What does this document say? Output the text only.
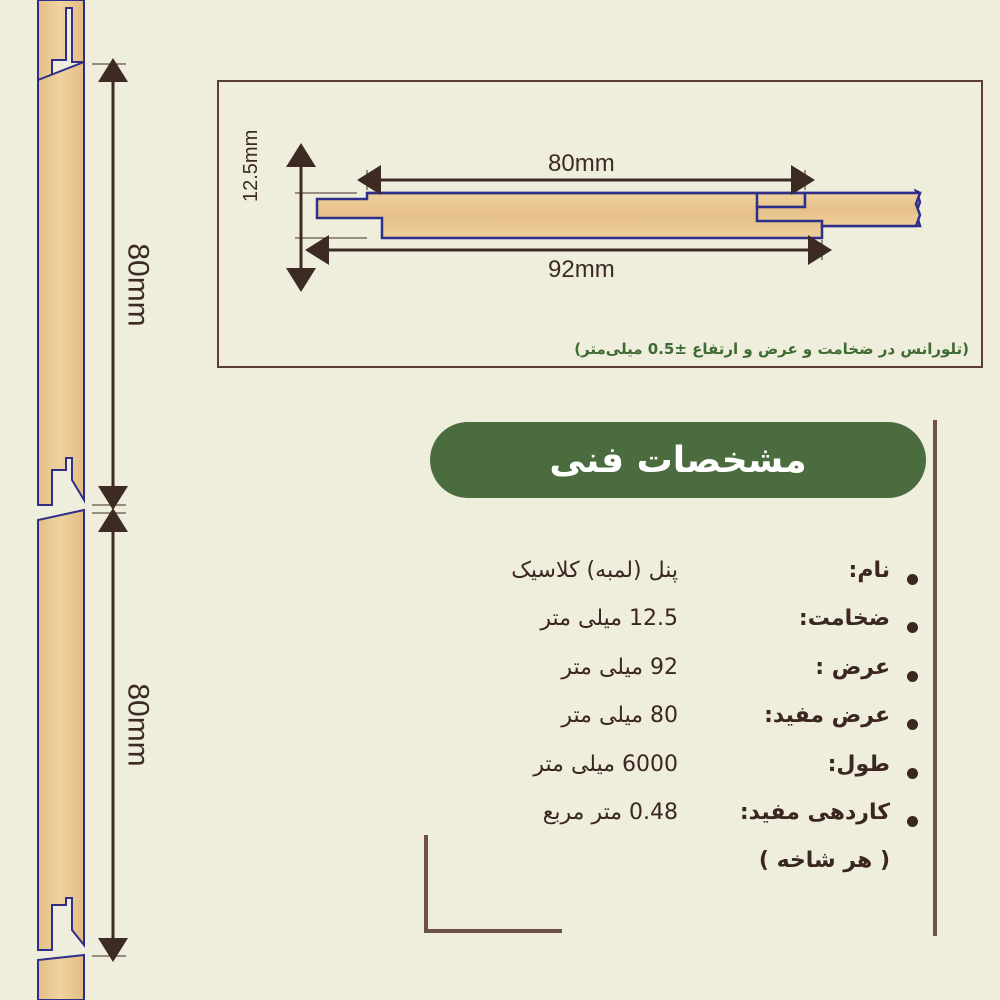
80mm
80mm
(تلورانس در ضخامت و عرض و ارتفاع ±0.5 میلی‌متر)
80mm
92mm
12.5mm
مشخصات فنی
نام:
پنل (لمبه) کلاسیک
ضخامت:
12.5 میلی متر
عرض :
92 میلی متر
عرض مفید:
80 میلی متر
طول:
6000 میلی متر
کاردهی مفید:
0.48 متر مربع
( هر شاخه )
